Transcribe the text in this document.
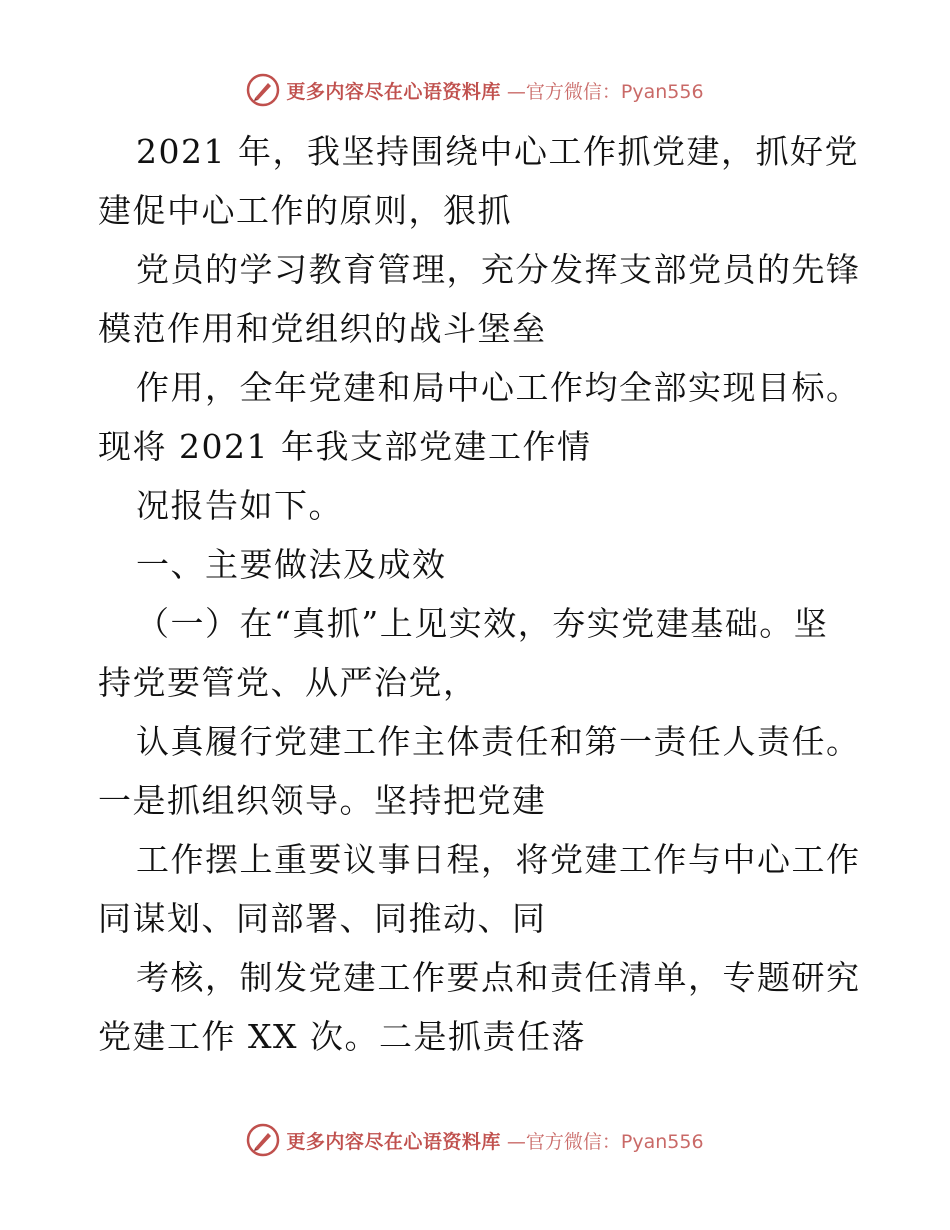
更多内容尽在心语资料库 —官方微信：Pyan556
2021 年，我坚持围绕中心工作抓党建，抓好党
建促中心工作的原则，狠抓
党员的学习教育管理，充分发挥支部党员的先锋
模范作用和党组织的战斗堡垒
作用，全年党建和局中心工作均全部实现目标。
现将 2021 年我支部党建工作情
况报告如下。
一、主要做法及成效
（一）在“真抓”上见实效，夯实党建基础。坚
持党要管党、从严治党，
认真履行党建工作主体责任和第一责任人责任。
一是抓组织领导。坚持把党建
工作摆上重要议事日程，将党建工作与中心工作
同谋划、同部署、同推动、同
考核，制发党建工作要点和责任清单，专题研究
党建工作 XX 次。二是抓责任落
更多内容尽在心语资料库 —官方微信：Pyan556
